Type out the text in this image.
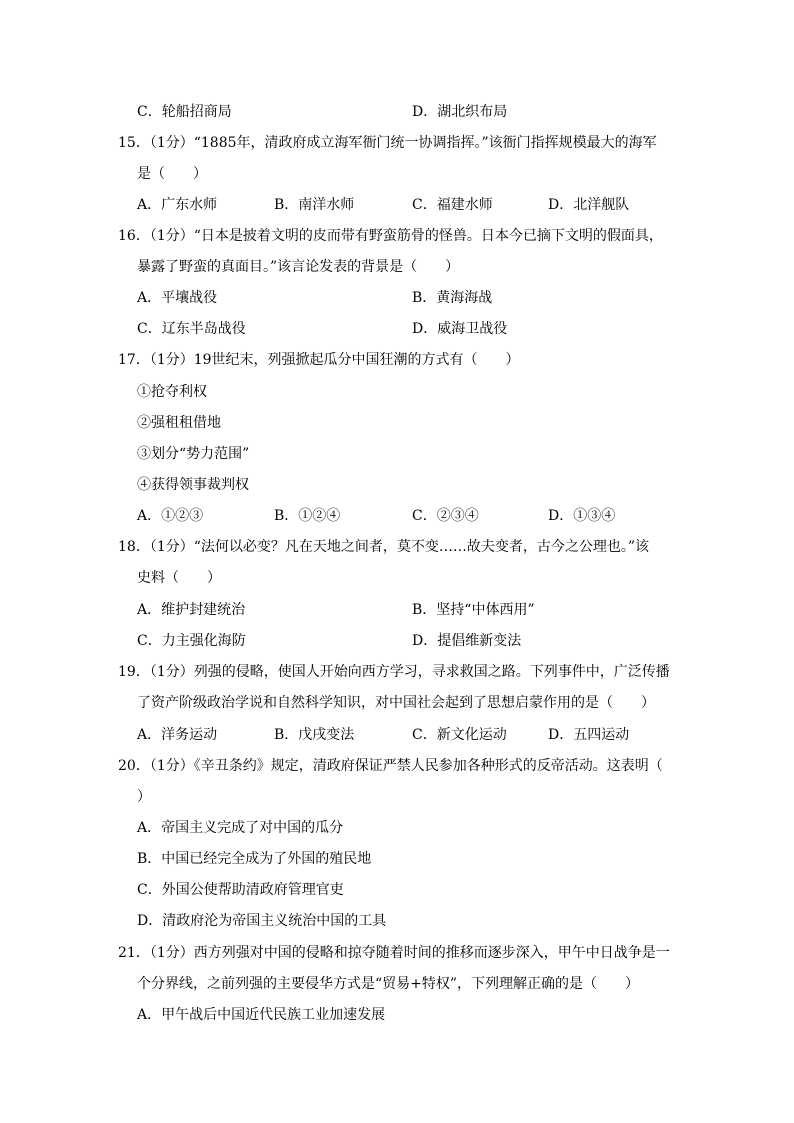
C．轮船招商局	D．湖北织布局
15．（1分）“1885年，清政府成立海军衙门统一协调指挥。”该衙门指挥规模最大的海军
是（　　）
A．广东水师	B．南洋水师	C．福建水师	D．北洋舰队
16．（1分）“日本是披着文明的皮而带有野蛮筋骨的怪兽。日本今已摘下文明的假面具，
暴露了野蛮的真面目。”该言论发表的背景是（　　）
A．平壤战役	B．黄海海战
C．辽东半岛战役	D．威海卫战役
17．（1分）19世纪末，列强掀起瓜分中国狂潮的方式有（　　）
①抢夺利权
②强租租借地
③划分“势力范围”
④获得领事裁判权
A．①②③	B．①②④	C．②③④	D．①③④
18．（1分）“法何以必变？凡在天地之间者，莫不变……故夫变者，古今之公理也。”该
史料（　　）
A．维护封建统治	B．坚持“中体西用”
C．力主强化海防	D．提倡维新变法
19．（1分）列强的侵略，使国人开始向西方学习，寻求救国之路。下列事件中，广泛传播
了资产阶级政治学说和自然科学知识，对中国社会起到了思想启蒙作用的是（　　）
A．洋务运动	B．戊戌变法	C．新文化运动	D．五四运动
20．（1分）《辛丑条约》规定，清政府保证严禁人民参加各种形式的反帝活动。这表明（
）
A．帝国主义完成了对中国的瓜分
B．中国已经完全成为了外国的殖民地
C．外国公使帮助清政府管理官吏
D．清政府沦为帝国主义统治中国的工具
21．（1分）西方列强对中国的侵略和掠夺随着时间的推移而逐步深入，甲午中日战争是一
个分界线，之前列强的主要侵华方式是“贸易+特权”，下列理解正确的是（　　）
A．甲午战后中国近代民族工业加速发展
